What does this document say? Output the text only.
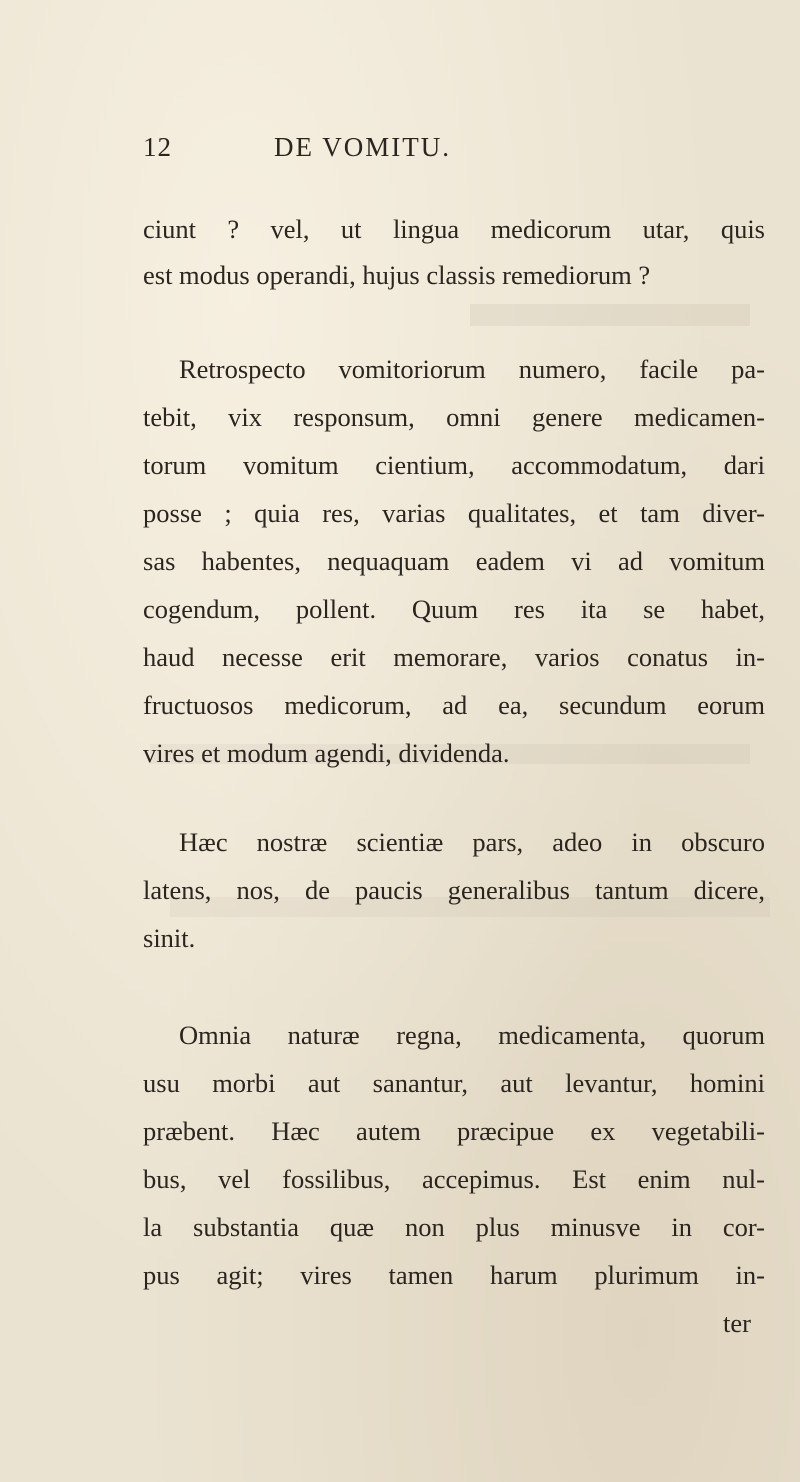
12	DE VOMITU.
ciunt ? vel, ut lingua medicorum utar, quis
est modus operandi, hujus classis remediorum ?
Retrospecto vomitoriorum numero, facile pa-
tebit, vix responsum, omni genere medicamen-
torum vomitum cientium, accommodatum, dari
posse ; quia res, varias qualitates, et tam diver-
sas habentes, nequaquam eadem vi ad vomitum
cogendum, pollent. Quum res ita se habet,
haud necesse erit memorare, varios conatus in-
fructuosos medicorum, ad ea, secundum eorum
vires et modum agendi, dividenda.
Hæc nostræ scientiæ pars, adeo in obscuro
latens, nos, de paucis generalibus tantum dicere,
sinit.
Omnia naturæ regna, medicamenta, quorum
usu morbi aut sanantur, aut levantur, homini
præbent. Hæc autem præcipue ex vegetabili-
bus, vel fossilibus, accepimus. Est enim nul-
la substantia quæ non plus minusve in cor-
pus agit; vires tamen harum plurimum in-
ter
